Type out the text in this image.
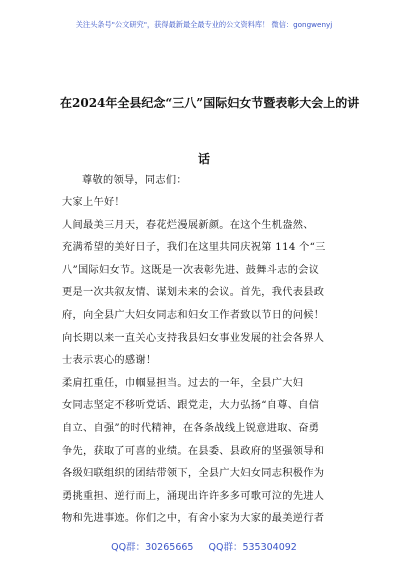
关注头条号"公文研究"，获得最新最全最专业的公文资料库！ 微信：gongwenyj
在2024年全县纪念“三八”国际妇女节暨表彰大会上的讲
话
尊敬的领导，同志们：
大家上午好！
人间最美三月天，春花烂漫展新颜。在这个生机盎然、
充满希望的美好日子，我们在这里共同庆祝第 114 个“三
八”国际妇女节。这既是一次表彰先进、鼓舞斗志的会议
更是一次共叙友情、谋划未来的会议。首先，我代表县政
府，向全县广大妇女同志和妇女工作者致以节日的问候！
向长期以来一直关心支持我县妇女事业发展的社会各界人
士表示衷心的感谢！
柔肩扛重任，巾帼显担当。过去的一年，全县广大妇
女同志坚定不移听党话、跟党走，大力弘扬“自尊、自信
自立、自强”的时代精神，在各条战线上锐意进取、奋勇
争先，获取了可喜的业绩。在县委、县政府的坚强领导和
各级妇联组织的团结带领下，全县广大妇女同志积极作为
勇挑重担、逆行而上，涌现出许许多多可歌可泣的先进人
物和先进事迹。你们之中，有舍小家为大家的最美逆行者
QQ群：30265665 QQ群：535304092
